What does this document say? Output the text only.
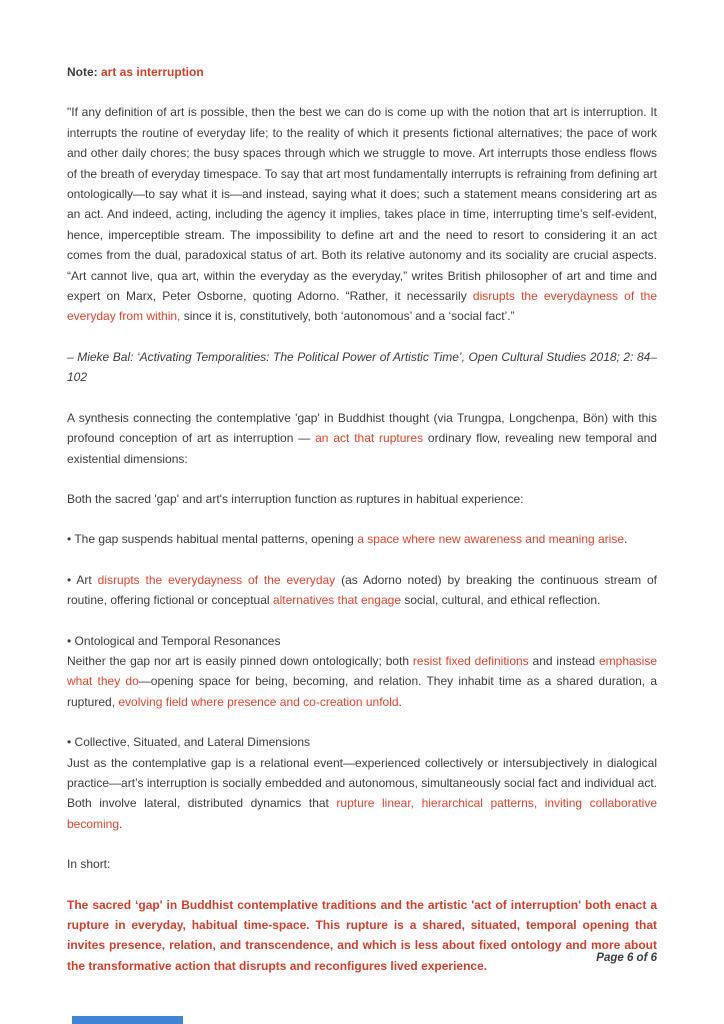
Note: art as interruption
"If any definition of art is possible, then the best we can do is come up with the notion that art is interruption. It interrupts the routine of everyday life; to the reality of which it presents fictional alternatives; the pace of work and other daily chores; the busy spaces through which we struggle to move. Art interrupts those endless flows of the breath of everyday timespace. To say that art most fundamentally interrupts is refraining from defining art ontologically—to say what it is—and instead, saying what it does; such a statement means considering art as an act. And indeed, acting, including the agency it implies, takes place in time, interrupting time’s self-evident, hence, imperceptible stream. The impossibility to define art and the need to resort to considering it an act comes from the dual, paradoxical status of art. Both its relative autonomy and its sociality are crucial aspects. “Art cannot live, qua art, within the everyday as the everyday,” writes British philosopher of art and time and expert on Marx, Peter Osborne, quoting Adorno. “Rather, it necessarily disrupts the everydayness of the everyday from within, since it is, constitutively, both ‘autonomous’ and a ‘social fact’.”
– Mieke Bal: ‘Activating Temporalities: The Political Power of Artistic Time’, Open Cultural Studies 2018; 2: 84–102
A synthesis connecting the contemplative 'gap' in Buddhist thought (via Trungpa, Longchenpa, Bön) with this profound conception of art as interruption — an act that ruptures ordinary flow, revealing new temporal and existential dimensions:
Both the sacred 'gap' and art's interruption function as ruptures in habitual experience:
• The gap suspends habitual mental patterns, opening a space where new awareness and meaning arise.
• Art disrupts the everydayness of the everyday (as Adorno noted) by breaking the continuous stream of routine, offering fictional or conceptual alternatives that engage social, cultural, and ethical reflection.
• Ontological and Temporal Resonances
Neither the gap nor art is easily pinned down ontologically; both resist fixed definitions and instead emphasise what they do—opening space for being, becoming, and relation. They inhabit time as a shared duration, a ruptured, evolving field where presence and co-creation unfold.
• Collective, Situated, and Lateral Dimensions
Just as the contemplative gap is a relational event—experienced collectively or intersubjectively in dialogical practice—art’s interruption is socially embedded and autonomous, simultaneously social fact and individual act. Both involve lateral, distributed dynamics that rupture linear, hierarchical patterns, inviting collaborative becoming.
In short:
The sacred ‘gap' in Buddhist contemplative traditions and the artistic 'act of interruption' both enact a rupture in everyday, habitual time-space. This rupture is a shared, situated, temporal opening that invites presence, relation, and transcendence, and which is less about fixed ontology and more about the transformative action that disrupts and reconfigures lived experience.
Page 6 of 6
